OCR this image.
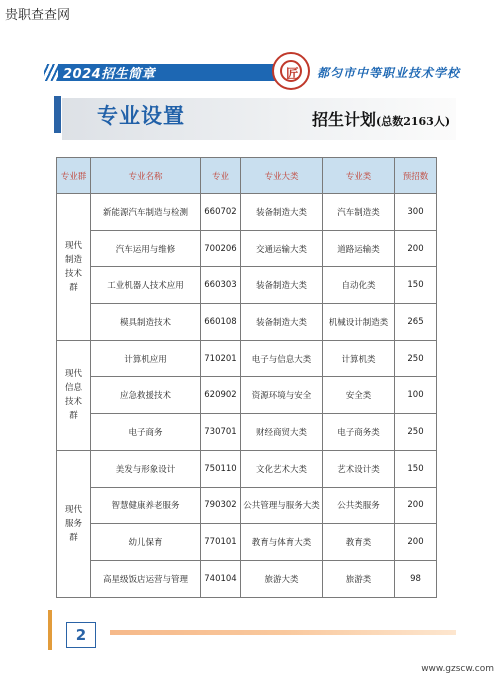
贵职查查网
2024招生简章	匠 都匀市中等职业技术学校
专业设置	招生计划(总数2163人)
专业群	专业名称	专业	专业大类	专业类	预招数
现代
制造
技术
群	新能源汽车制造与检测	660702	装备制造大类	汽车制造类	300
	汽车运用与维修	700206	交通运输大类	道路运输类	200
	工业机器人技术应用	660303	装备制造大类	自动化类	150
	模具制造技术	660108	装备制造大类	机械设计制造类	265
现代
信息
技术
群	计算机应用	710201	电子与信息大类	计算机类	250
	应急救援技术	620902	资源环境与安全	安全类	100
	电子商务	730701	财经商贸大类	电子商务类	250
现代
服务
群	美发与形象设计	750110	文化艺术大类	艺术设计类	150
	智慧健康养老服务	790302	公共管理与服务大类	公共类服务	200
	幼儿保育	770101	教育与体育大类	教育类	200
	高星级饭店运营与管理	740104	旅游大类	旅游类	98
2
www.gzscw.com
